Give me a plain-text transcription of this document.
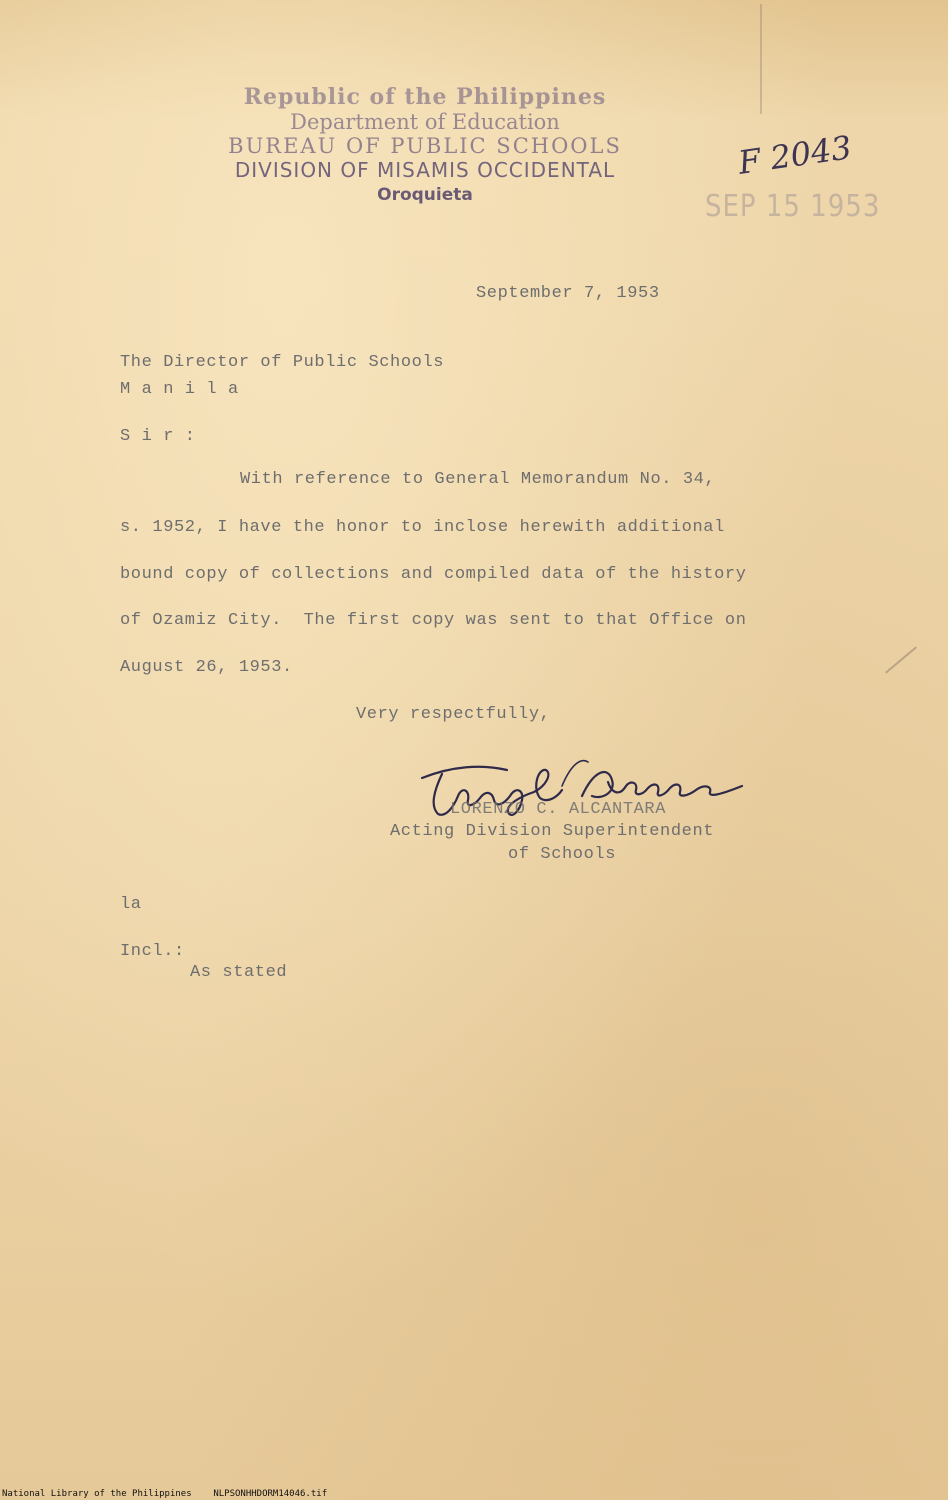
Republic of the Philippines
Department of Education
BUREAU OF PUBLIC SCHOOLS
DIVISION OF MISAMIS OCCIDENTAL
Oroquieta
F 2043
SEP 15 1953
September 7, 1953
The Director of Public Schools
M a n i l a
S i r :
With reference to General Memorandum No. 34,
s. 1952, I have the honor to inclose herewith additional
bound copy of collections and compiled data of the history
of Ozamiz City.  The first copy was sent to that Office on
August 26, 1953.
Very respectfully,
LORENZO C. ALCANTARA
Acting Division Superintendent
of Schools
la
Incl.:
As stated
National Library of the Philippines    NLPSONHHDORM14046.tif
